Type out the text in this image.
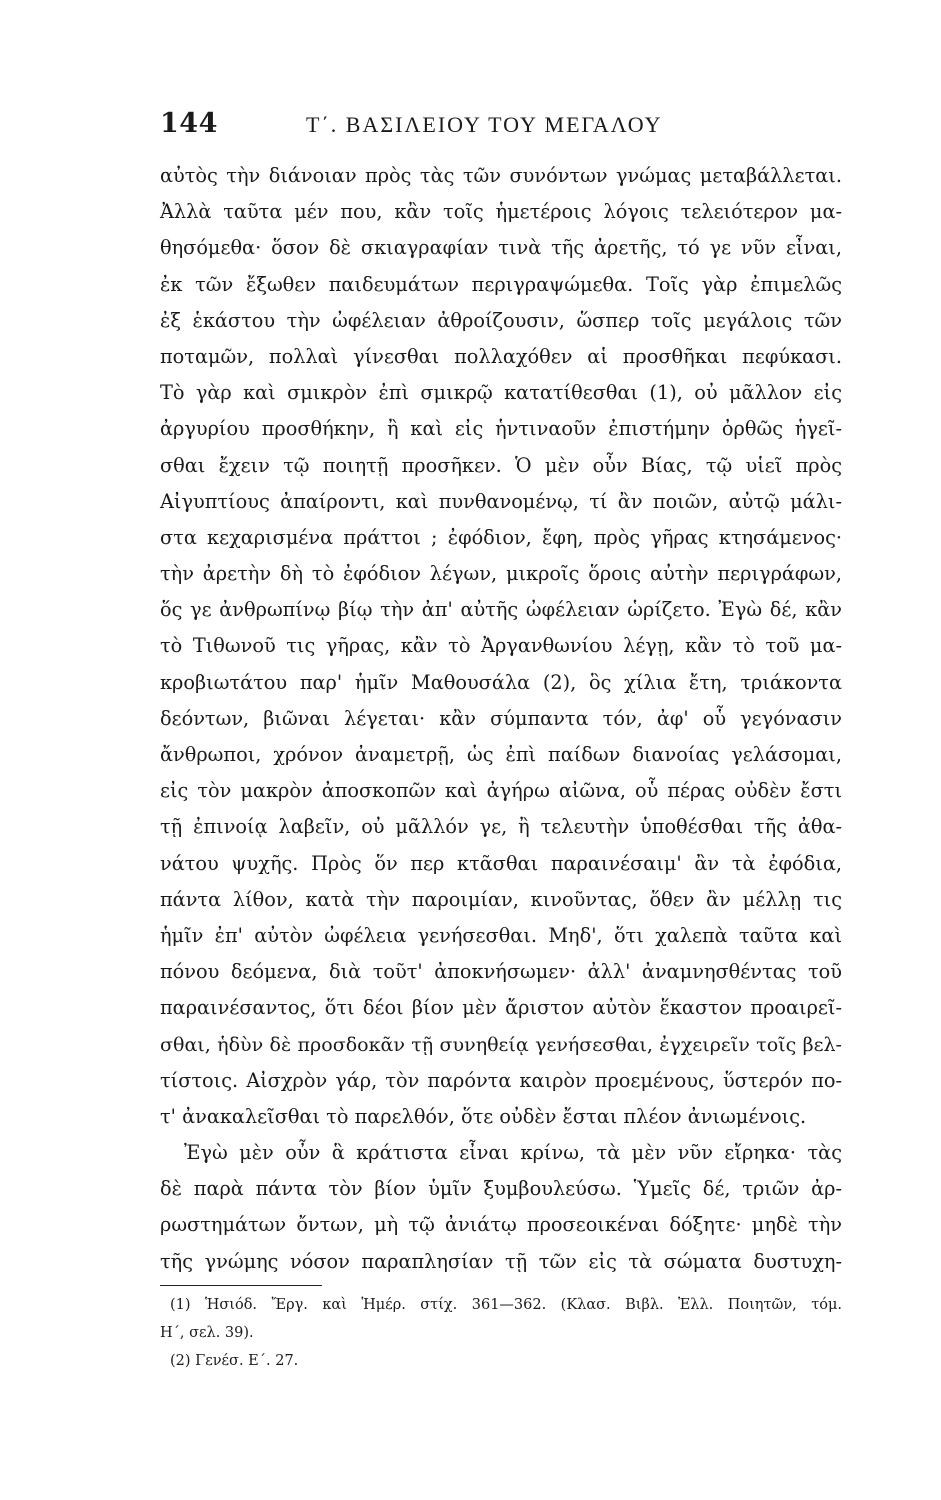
144	Τ΄. ΒΑΣΙΛΕΙΟΥ ΤΟΥ ΜΕΓΑΛΟΥ
αὐτὸς τὴν διάνοιαν πρὸς τὰς τῶν συνόντων γνώμας μεταβάλλεται.
Ἀλλὰ ταῦτα μέν που, κἂν τοῖς ἡμετέροις λόγοις τελειότερον μα-
θησόμεθα· ὅσον δὲ σκιαγραφίαν τινὰ τῆς ἀρετῆς, τό γε νῦν εἶναι,
ἐκ τῶν ἔξωθεν παιδευμάτων περιγραψώμεθα. Τοῖς γὰρ ἐπιμελῶς
ἐξ ἑκάστου τὴν ὠφέλειαν ἀθροίζουσιν, ὥσπερ τοῖς μεγάλοις τῶν
ποταμῶν, πολλαὶ γίνεσθαι πολλαχόθεν αἱ προσθῆκαι πεφύκασι.
Τὸ γὰρ καὶ σμικρὸν ἐπὶ σμικρῷ κατατίθεσθαι (1), οὐ μᾶλλον εἰς
ἀργυρίου προσθήκην, ἢ καὶ εἰς ἡντιναοῦν ἐπιστήμην ὀρθῶς ἡγεῖ-
σθαι ἔχειν τῷ ποιητῇ προσῆκεν. Ὁ μὲν οὖν Βίας, τῷ υἱεῖ πρὸς
Αἰγυπτίους ἀπαίροντι, καὶ πυνθανομένῳ, τί ἂν ποιῶν, αὐτῷ μάλι-
στα κεχαρισμένα πράττοι ; ἐφόδιον, ἔφη, πρὸς γῆρας κτησάμενος·
τὴν ἀρετὴν δὴ τὸ ἐφόδιον λέγων, μικροῖς ὅροις αὐτὴν περιγράφων,
ὅς γε ἀνθρωπίνῳ βίῳ τὴν ἀπ' αὐτῆς ὠφέλειαν ὡρίζετο. Ἐγὼ δέ, κἂν
τὸ Τιθωνοῦ τις γῆρας, κἂν τὸ Ἀργανθωνίου λέγῃ, κἂν τὸ τοῦ μα-
κροβιωτάτου παρ' ἡμῖν Μαθουσάλα (2), ὃς χίλια ἔτη, τριάκοντα
δεόντων, βιῶναι λέγεται· κἂν σύμπαντα τόν, ἀφ' οὗ γεγόνασιν
ἄνθρωποι, χρόνον ἀναμετρῇ, ὡς ἐπὶ παίδων διανοίας γελάσομαι,
εἰς τὸν μακρὸν ἀποσκοπῶν καὶ ἀγήρω αἰῶνα, οὗ πέρας οὐδὲν ἔστι
τῇ ἐπινοίᾳ λαβεῖν, οὐ μᾶλλόν γε, ἢ τελευτὴν ὑποθέσθαι τῆς ἀθα-
νάτου ψυχῆς. Πρὸς ὅν περ κτᾶσθαι παραινέσαιμ' ἂν τὰ ἐφόδια,
πάντα λίθον, κατὰ τὴν παροιμίαν, κινοῦντας, ὅθεν ἂν μέλλῃ τις
ἡμῖν ἐπ' αὐτὸν ὠφέλεια γενήσεσθαι. Μηδ', ὅτι χαλεπὰ ταῦτα καὶ
πόνου δεόμενα, διὰ τοῦτ' ἀποκνήσωμεν· ἀλλ' ἀναμνησθέντας τοῦ
παραινέσαντος, ὅτι δέοι βίον μὲν ἄριστον αὐτὸν ἕκαστον προαιρεῖ-
σθαι, ἡδὺν δὲ προσδοκᾶν τῇ συνηθείᾳ γενήσεσθαι, ἐγχειρεῖν τοῖς βελ-
τίστοις. Αἰσχρὸν γάρ, τὸν παρόντα καιρὸν προεμένους, ὕστερόν πο-
τ' ἀνακαλεῖσθαι τὸ παρελθόν, ὅτε οὐδὲν ἔσται πλέον ἀνιωμένοις.
Ἐγὼ μὲν οὖν ἃ κράτιστα εἶναι κρίνω, τὰ μὲν νῦν εἴρηκα· τὰς
δὲ παρὰ πάντα τὸν βίον ὑμῖν ξυμβουλεύσω. Ὑμεῖς δέ, τριῶν ἀρ-
ρωστημάτων ὄντων, μὴ τῷ ἀνιάτῳ προσεοικέναι δόξητε· μηδὲ τὴν
τῆς γνώμης νόσον παραπλησίαν τῇ τῶν εἰς τὰ σώματα δυστυχη-
(1) Ἡσιόδ. Ἔργ. καὶ Ἡμέρ. στίχ. 361—362. (Κλασ. Βιβλ. Ἑλλ. Ποιητῶν, τόμ.
Η΄, σελ. 39).
(2) Γενέσ. Ε΄. 27.
